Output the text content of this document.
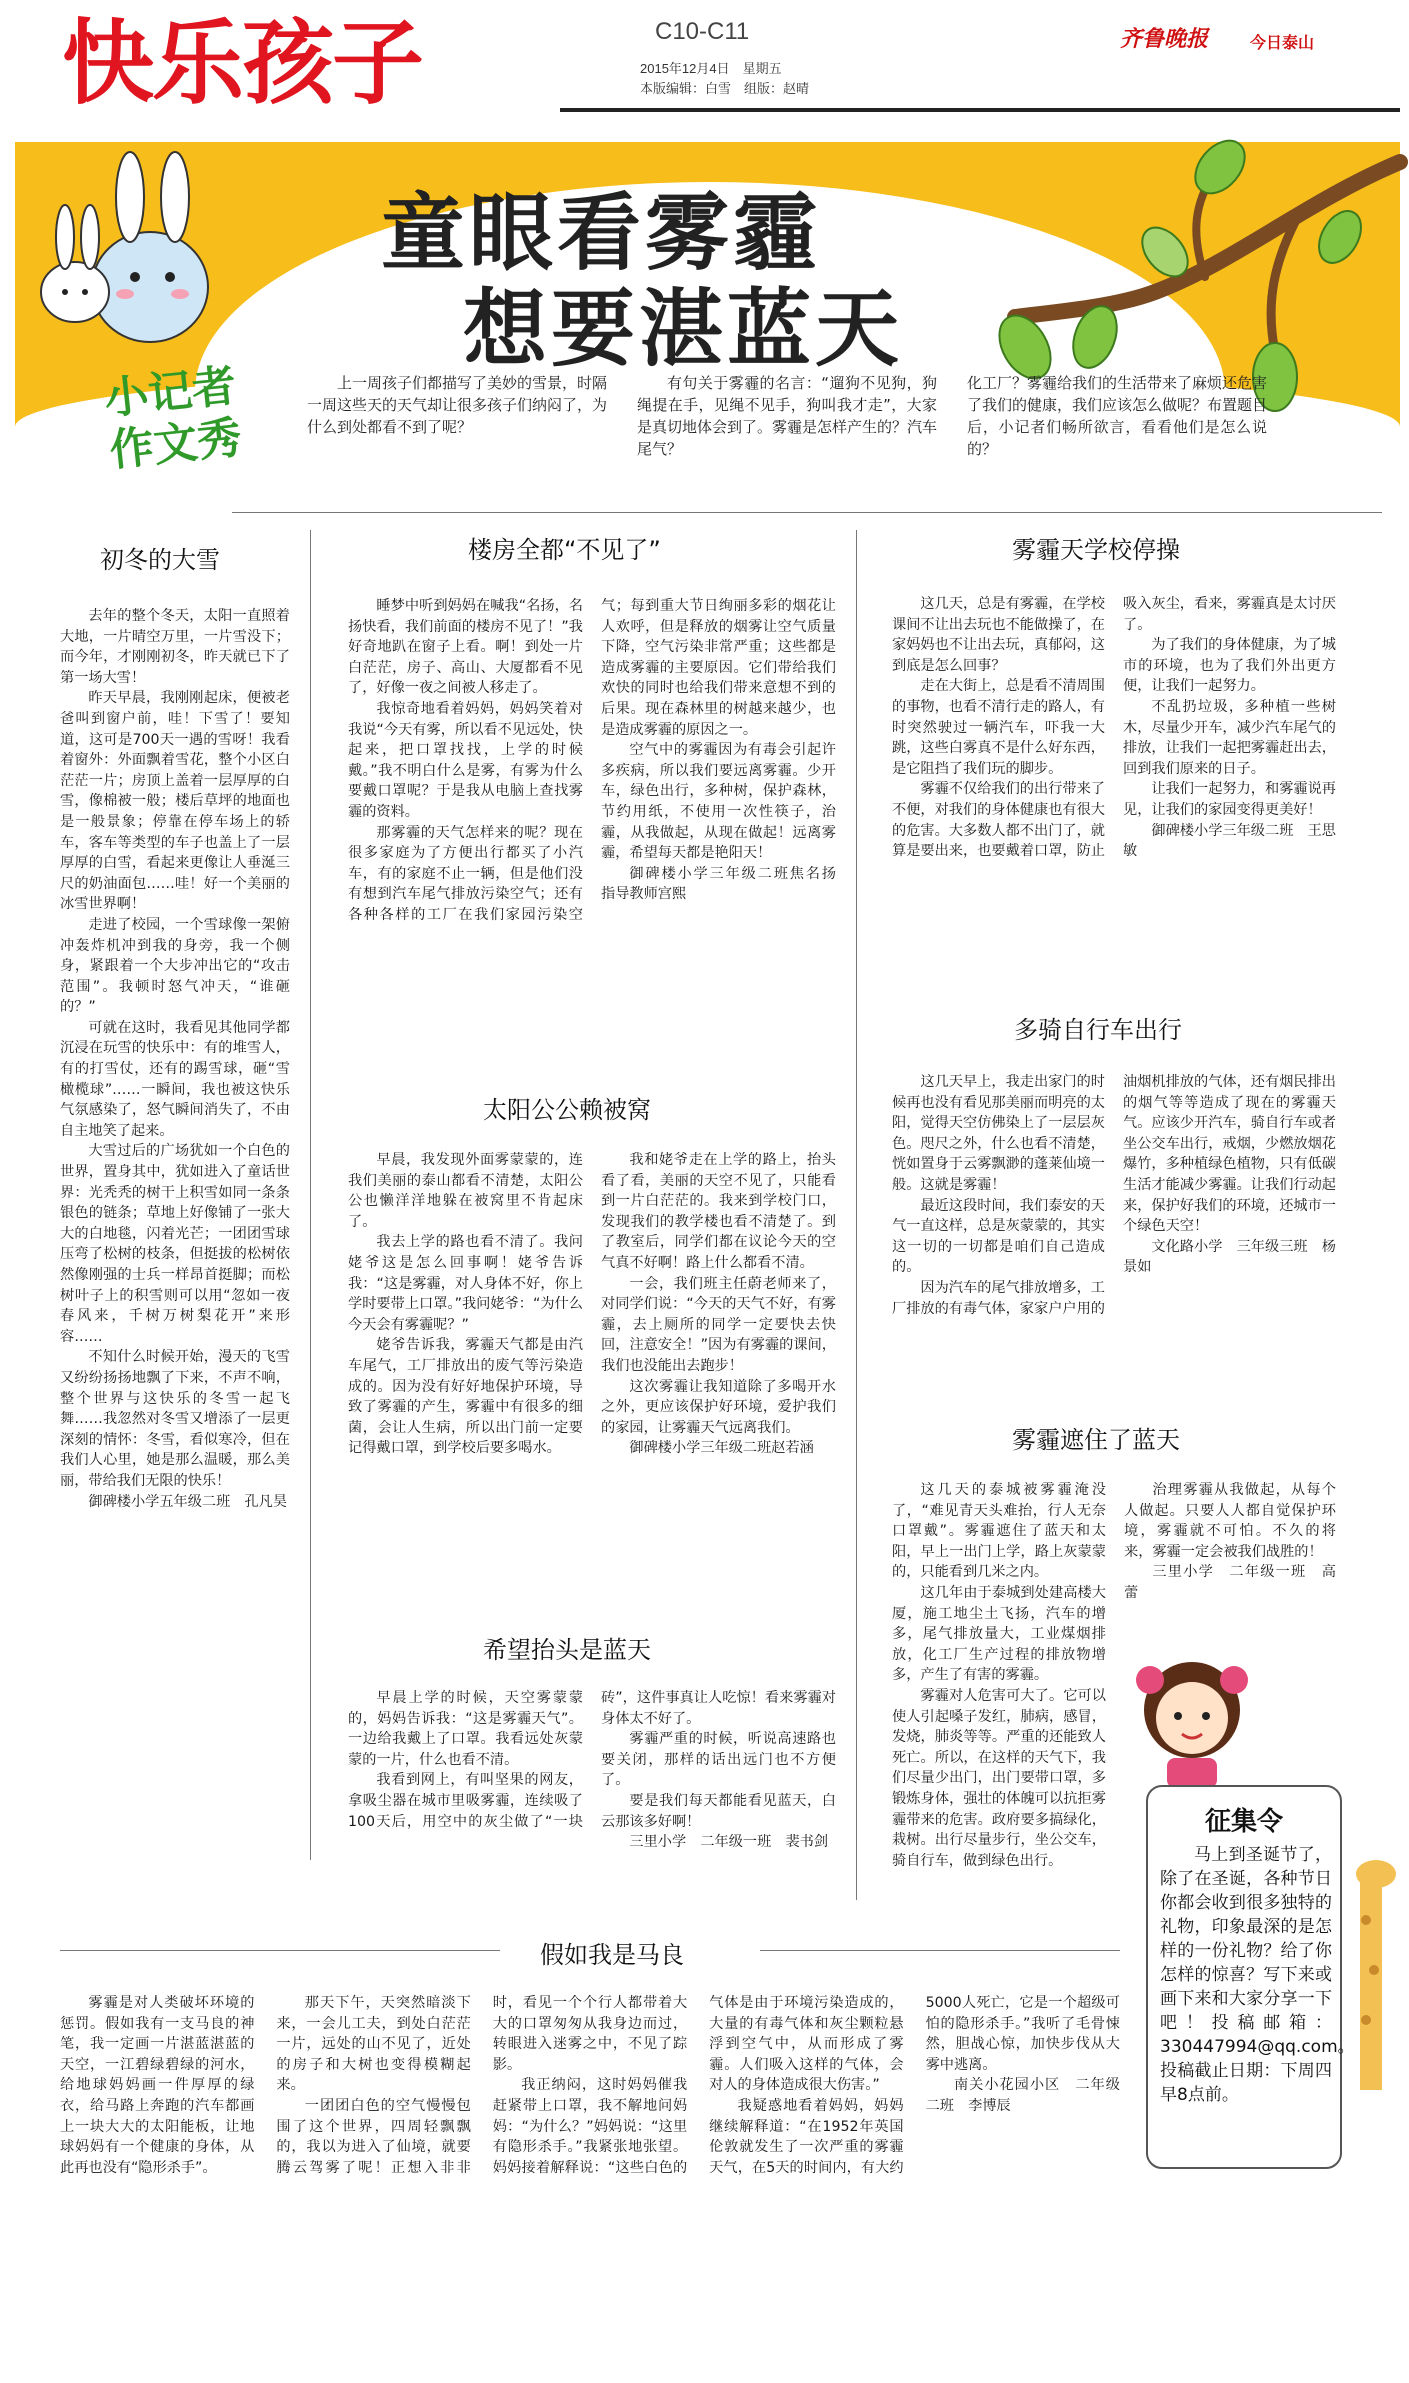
快乐孩子	C10-C11
2015年12月4日　星期五
本版编辑：白雪　组版：赵晴
齐鲁晚报	今日泰山
童眼看雾霾
想要湛蓝天
小记者
作文秀

上一周孩子们都描写了美妙的雪景，时隔一周这些天的天气却让很多孩子们纳闷了，为什么到处都看不到了呢？

有句关于雾霾的名言：“遛狗不见狗，狗绳提在手，见绳不见手，狗叫我才走”，大家是真切地体会到了。雾霾是怎样产生的？汽车尾气？

化工厂？雾霾给我们的生活带来了麻烦还危害了我们的健康，我们应该怎么做呢？布置题目后，小记者们畅所欲言，看看他们是怎么说的？

初冬的大雪

去年的整个冬天，太阳一直照着大地，一片晴空万里，一片雪没下；而今年，才刚刚初冬，昨天就已下了第一场大雪！

昨天早晨，我刚刚起床，便被老爸叫到窗户前，哇！下雪了！要知道，这可是700天一遇的雪呀！我看着窗外：外面飘着雪花，整个小区白茫茫一片；房顶上盖着一层厚厚的白雪，像棉被一般；楼后草坪的地面也是一般景象；停靠在停车场上的轿车，客车等类型的车子也盖上了一层厚厚的白雪，看起来更像让人垂涎三尺的奶油面包……哇！好一个美丽的冰雪世界啊！

走进了校园，一个雪球像一架俯冲轰炸机冲到我的身旁，我一个侧身，紧跟着一个大步冲出它的“攻击范围”。我顿时怒气冲天，“谁砸的？”

可就在这时，我看见其他同学都沉浸在玩雪的快乐中：有的堆雪人，有的打雪仗，还有的踢雪球，砸“雪橄榄球”……一瞬间，我也被这快乐气氛感染了，怒气瞬间消失了，不由自主地笑了起来。

大雪过后的广场犹如一个白色的世界，置身其中，犹如进入了童话世界：光秃秃的树干上积雪如同一条条银色的链条；草地上好像铺了一张大大的白地毯，闪着光芒；一团团雪球压弯了松树的枝条，但挺拔的松树依然像刚强的士兵一样昂首挺脚；而松树叶子上的积雪则可以用“忽如一夜春风来，千树万树梨花开”来形容……

不知什么时候开始，漫天的飞雪又纷纷扬扬地飘了下来，不声不响，整个世界与这快乐的冬雪一起飞舞……我忽然对冬雪又增添了一层更深刻的情怀：冬雪，看似寒冷，但在我们人心里，她是那么温暖，那么美丽，带给我们无限的快乐！

御碑楼小学五年级二班　孔凡昊
楼房全都“不见了”

睡梦中听到妈妈在喊我“名扬，名扬快看，我们前面的楼房不见了！”我好奇地趴在窗子上看。啊！到处一片白茫茫，房子、高山、大厦都看不见了，好像一夜之间被人移走了。

我惊奇地看着妈妈，妈妈笑着对我说“今天有雾，所以看不见远处，快起来，把口罩找找，上学的时候戴。”我不明白什么是雾，有雾为什么要戴口罩呢？于是我从电脑上查找雾霾的资料。

那雾霾的天气怎样来的呢？现在很多家庭为了方便出行都买了小汽车，有的家庭不止一辆，但是他们没有想到汽车尾气排放污染空气；还有各种各样的工厂在我们家园污染空气；每到重大节日绚丽多彩的烟花让人欢呼，但是释放的烟雾让空气质量下降，空气污染非常严重；这些都是造成雾霾的主要原因。它们带给我们欢快的同时也给我们带来意想不到的后果。现在森林里的树越来越少，也是造成雾霾的原因之一。

空气中的雾霾因为有毒会引起许多疾病，所以我们要远离雾霾。少开车，绿色出行，多种树，保护森林，节约用纸，不使用一次性筷子，治霾，从我做起，从现在做起！远离雾霾，希望每天都是艳阳天！

御碑楼小学三年级二班焦名扬　指导教师宫熙
太阳公公赖被窝

早晨，我发现外面雾蒙蒙的，连我们美丽的泰山都看不清楚，太阳公公也懒洋洋地躲在被窝里不肯起床了。

我去上学的路也看不清了。我问姥爷这是怎么回事啊！姥爷告诉我：“这是雾霾，对人身体不好，你上学时要带上口罩。”我问姥爷：“为什么今天会有雾霾呢？”

姥爷告诉我，雾霾天气都是由汽车尾气，工厂排放出的废气等污染造成的。因为没有好好地保护环境，导致了雾霾的产生，雾霾中有很多的细菌，会让人生病，所以出门前一定要记得戴口罩，到学校后要多喝水。

我和姥爷走在上学的路上，抬头看了看，美丽的天空不见了，只能看到一片白茫茫的。我来到学校门口，发现我们的教学楼也看不清楚了。到了教室后，同学们都在议论今天的空气真不好啊！路上什么都看不清。

一会，我们班主任蔚老师来了，对同学们说：“今天的天气不好，有雾霾，去上厕所的同学一定要快去快回，注意安全！”因为有雾霾的课间，我们也没能出去跑步！

这次雾霾让我知道除了多喝开水之外，更应该保护好环境，爱护我们的家园，让雾霾天气远离我们。

御碑楼小学三年级二班赵若涵
希望抬头是蓝天

早晨上学的时候，天空雾蒙蒙的，妈妈告诉我：“这是雾霾天气”。一边给我戴上了口罩。我看远处灰蒙蒙的一片，什么也看不清。

我看到网上，有叫坚果的网友，拿吸尘器在城市里吸雾霾，连续吸了100天后，用空中的灰尘做了“一块砖”，这件事真让人吃惊！看来雾霾对身体太不好了。

雾霾严重的时候，听说高速路也要关闭，那样的话出远门也不方便了。

要是我们每天都能看见蓝天，白云那该多好啊！

三里小学　二年级一班　裴书剑
雾霾天学校停操

这几天，总是有雾霾，在学校课间不让出去玩也不能做操了，在家妈妈也不让出去玩，真郁闷，这到底是怎么回事？

走在大街上，总是看不清周围的事物，也看不清行走的路人，有时突然驶过一辆汽车，吓我一大跳，这些白雾真不是什么好东西，是它阻挡了我们玩的脚步。

雾霾不仅给我们的出行带来了不便，对我们的身体健康也有很大的危害。大多数人都不出门了，就算是要出来，也要戴着口罩，防止吸入灰尘，看来，雾霾真是太讨厌了。

为了我们的身体健康，为了城市的环境，也为了我们外出更方便，让我们一起努力。

不乱扔垃圾，多种植一些树木，尽量少开车，减少汽车尾气的排放，让我们一起把雾霾赶出去，回到我们原来的日子。

让我们一起努力，和雾霾说再见，让我们的家园变得更美好！

御碑楼小学三年级二班　王思敏
多骑自行车出行

这几天早上，我走出家门的时候再也没有看见那美丽而明亮的太阳，觉得天空仿佛染上了一层层灰色。咫尺之外，什么也看不清楚，恍如置身于云雾飘渺的蓬莱仙境一般。这就是雾霾！

最近这段时间，我们泰安的天气一直这样，总是灰蒙蒙的，其实这一切的一切都是咱们自己造成的。

因为汽车的尾气排放增多，工厂排放的有毒气体，家家户户用的油烟机排放的气体，还有烟民排出的烟气等等造成了现在的雾霾天气。应该少开汽车，骑自行车或者坐公交车出行，戒烟，少燃放烟花爆竹，多种植绿色植物，只有低碳生活才能减少雾霾。让我们行动起来，保护好我们的环境，还城市一个绿色天空！

文化路小学　三年级三班　杨景如
雾霾遮住了蓝天

这几天的泰城被雾霾淹没了，“难见青天头难抬，行人无奈口罩戴”。雾霾遮住了蓝天和太阳，早上一出门上学，路上灰蒙蒙的，只能看到几米之内。

这几年由于泰城到处建高楼大厦，施工地尘土飞扬，汽车的增多，尾气排放量大，工业煤烟排放，化工厂生产过程的排放物增多，产生了有害的雾霾。

雾霾对人危害可大了。它可以使人引起嗓子发红，肺病，感冒，发烧，肺炎等等。严重的还能致人死亡。所以，在这样的天气下，我们尽量少出门，出门要带口罩，多锻炼身体，强壮的体魄可以抗拒雾霾带来的危害。政府要多搞绿化，栽树。出行尽量步行，坐公交车，骑自行车，做到绿色出行。

治理雾霾从我做起，从每个人做起。只要人人都自觉保护环境，雾霾就不可怕。不久的将来，雾霾一定会被我们战胜的！

三里小学　二年级一班　高蕾
征集令

马上到圣诞节了，除了在圣诞，各种节日你都会收到很多独特的礼物，印象最深的是怎样的一份礼物？给了你怎样的惊喜？写下来或画下来和大家分享一下吧！投稿邮箱：330447994@qq.com。投稿截止日期：下周四早8点前。

假如我是马良

雾霾是对人类破坏环境的惩罚。假如我有一支马良的神笔，我一定画一片湛蓝湛蓝的天空，一江碧绿碧绿的河水，给地球妈妈画一件厚厚的绿衣，给马路上奔跑的汽车都画上一块大大的太阳能板，让地球妈妈有一个健康的身体，从此再也没有“隐形杀手”。

那天下午，天突然暗淡下来，一会儿工夫，到处白茫茫一片，远处的山不见了，近处的房子和大树也变得模糊起来。

一团团白色的空气慢慢包围了这个世界，四周轻飘飘的，我以为进入了仙境，就要腾云驾雾了呢！正想入非非时，看见一个个行人都带着大大的口罩匆匆从我身边而过，转眼进入迷雾之中，不见了踪影。

我正纳闷，这时妈妈催我赶紧带上口罩，我不解地问妈妈：“为什么？”妈妈说：“这里有隐形杀手。”我紧张地张望。妈妈接着解释说：“这些白色的气体是由于环境污染造成的，大量的有毒气体和灰尘颗粒悬浮到空气中，从而形成了雾霾。人们吸入这样的气体，会对人的身体造成很大伤害。”

我疑惑地看着妈妈，妈妈继续解释道：“在1952年英国伦敦就发生了一次严重的雾霾天气，在5天的时间内，有大约5000人死亡，它是一个超级可怕的隐形杀手。”我听了毛骨悚然，胆战心惊，加快步伐从大雾中逃离。

南关小花园小区　二年级二班　李博辰
